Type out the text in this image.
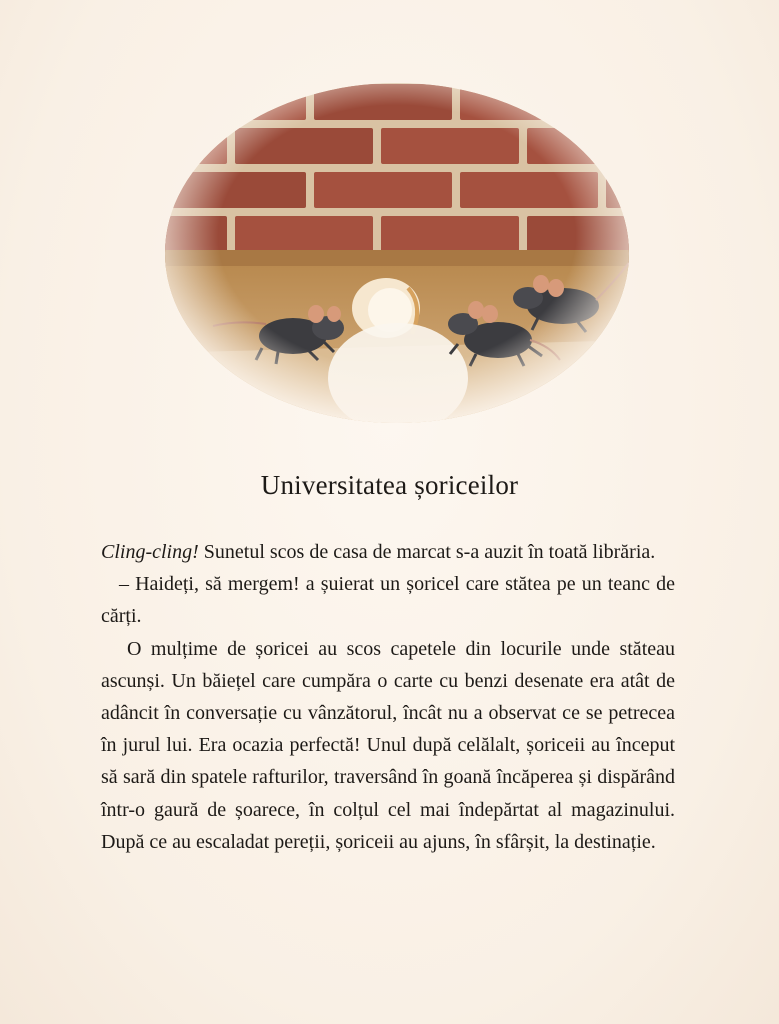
Universitatea șoriceilor

Cling-cling! Sunetul scos de casa de marcat s-a auzit în toată librăria.

– Haideți, să mergem! a șuierat un șoricel care stătea pe un teanc de cărți.

O mulțime de șoricei au scos capetele din locurile unde stăteau ascunși. Un băiețel care cumpăra o carte cu benzi desenate era atât de adâncit în conversație cu vânzătorul, încât nu a observat ce se petrecea în jurul lui. Era ocazia perfectă! Unul după celălalt, șoriceii au început să sară din spatele rafturilor, traversând în goană încăperea și dispărând într-o gaură de șoarece, în colțul cel mai îndepărtat al magazinului. După ce au escaladat pereții, șoriceii au ajuns, în sfârșit, la destinație.
